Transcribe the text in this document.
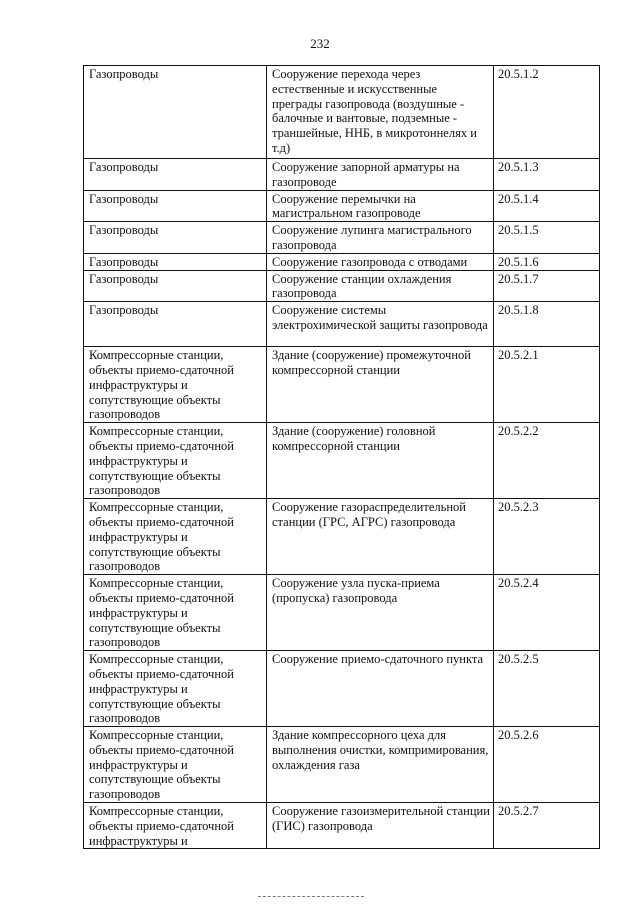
232
Газопроводы	Сооружение перехода через естественные и искусственные преграды газопровода (воздушные - балочные и вантовые, подземные - траншейные, ННБ, в микротоннелях и т.д)	20.5.1.2
Газопроводы	Сооружение запорной арматуры на газопроводе	20.5.1.3
Газопроводы	Сооружение перемычки на магистральном газопроводе	20.5.1.4
Газопроводы	Сооружение лупинга магистрального газопровода	20.5.1.5
Газопроводы	Сооружение газопровода с отводами	20.5.1.6
Газопроводы	Сооружение станции охлаждения газопровода	20.5.1.7
Газопроводы	Сооружение системы электрохимической защиты газопровода	20.5.1.8
Компрессорные станции, объекты приемо-сдаточной инфраструктуры и сопутствующие объекты газопроводов	Здание (сооружение) промежуточной компрессорной станции	20.5.2.1
Компрессорные станции, объекты приемо-сдаточной инфраструктуры и сопутствующие объекты газопроводов	Здание (сооружение) головной компрессорной станции	20.5.2.2
Компрессорные станции, объекты приемо-сдаточной инфраструктуры и сопутствующие объекты газопроводов	Сооружение газораспределительной станции (ГРС, АГРС) газопровода	20.5.2.3
Компрессорные станции, объекты приемо-сдаточной инфраструктуры и сопутствующие объекты газопроводов	Сооружение узла пуска-приема (пропуска) газопровода	20.5.2.4
Компрессорные станции, объекты приемо-сдаточной инфраструктуры и сопутствующие объекты газопроводов	Сооружение приемо-сдаточного пункта	20.5.2.5
Компрессорные станции, объекты приемо-сдаточной инфраструктуры и сопутствующие объекты газопроводов	Здание компрессорного цеха для выполнения очистки, компримирования, охлаждения газа	20.5.2.6
Компрессорные станции, объекты приемо-сдаточной инфраструктуры и	Сооружение газоизмерительной станции (ГИС) газопровода	20.5.2.7
